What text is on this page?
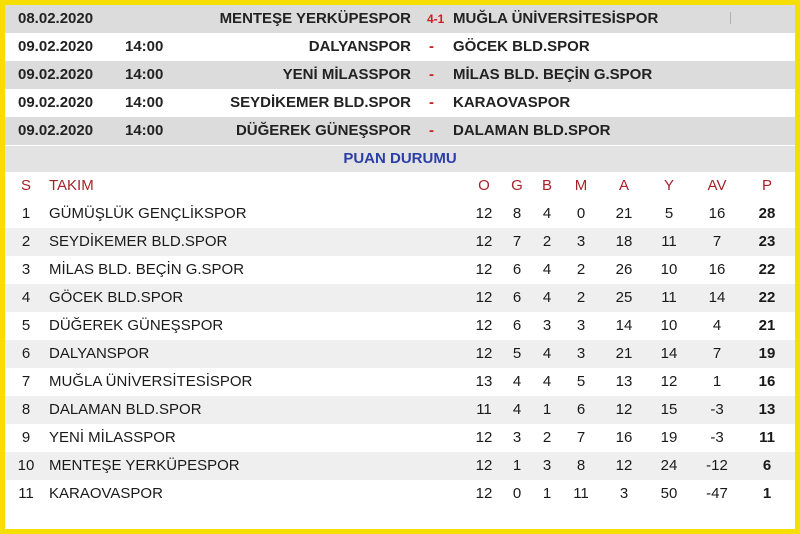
08.02.2020	MENTEŞE YERKÜPESPOR 4-1 MUĞLA ÜNİVERSİTESİSPOR
09.02.2020 14:00	DALYANSPOR - GÖCEK BLD.SPOR
09.02.2020 14:00	YENİ MİLASSPOR - MİLAS BLD. BEÇİN G.SPOR
09.02.2020 14:00	SEYDİKEMER BLD.SPOR - KARAOVASPOR
09.02.2020 14:00	DÜĞEREK GÜNEŞSPOR - DALAMAN BLD.SPOR
PUAN DURUMU
S	TAKIM	O	G	B	M	A	Y	AV	P
1	GÜMÜŞLÜK GENÇLİKSPOR	12	8	4	0	21	5	16	28
2	SEYDİKEMER BLD.SPOR	12	7	2	3	18	11	7	23
3	MİLAS BLD. BEÇİN G.SPOR	12	6	4	2	26	10	16	22
4	GÖCEK BLD.SPOR	12	6	4	2	25	11	14	22
5	DÜĞEREK GÜNEŞSPOR	12	6	3	3	14	10	4	21
6	DALYANSPOR	12	5	4	3	21	14	7	19
7	MUĞLA ÜNİVERSİTESİSPOR	13	4	4	5	13	12	1	16
8	DALAMAN BLD.SPOR	11	4	1	6	12	15	-3	13
9	YENİ MİLASSPOR	12	3	2	7	16	19	-3	11
10 MENTEŞE YERKÜPESPOR	12	1	3	8	12	24	-12	6
11	KARAOVASPOR	12	0	1	11	3	50	-47	1
